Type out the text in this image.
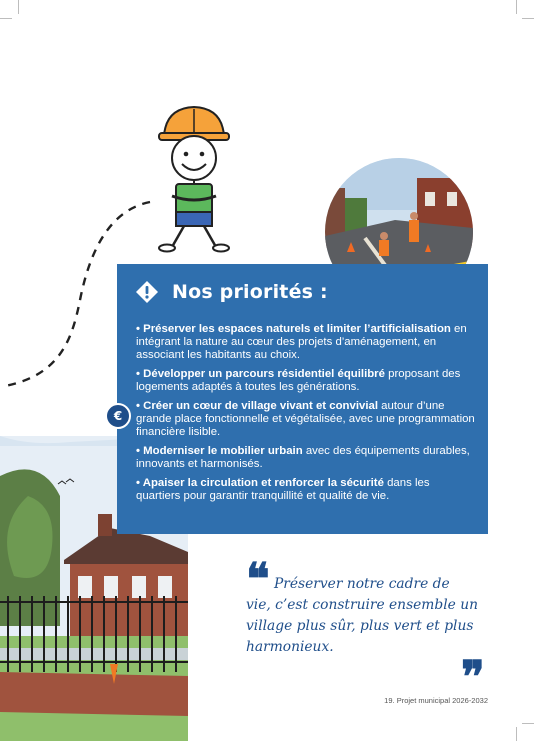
Nos priorités :
• Préserver les espaces naturels et limiter l’artificialisation en intégrant la nature au cœur des projets d’aménagement, en associant les habitants au choix.
• Développer un parcours résidentiel équilibré proposant des logements adaptés à toutes les générations.
• Créer un cœur de village vivant et convivial autour d’une grande place fonctionnelle et végétalisée, avec une programmation financière lisible.
• Moderniser le mobilier urbain avec des équipements durables, innovants et harmonisés.
• Apaiser la circulation et renforcer la sécurité dans les quartiers pour garantir tranquillité et qualité de vie.
€
❝ Préserver notre cadre de vie, c’est construire ensemble un village plus sûr, plus vert et plus harmonieux.
❞
19. Projet municipal 2026-2032
